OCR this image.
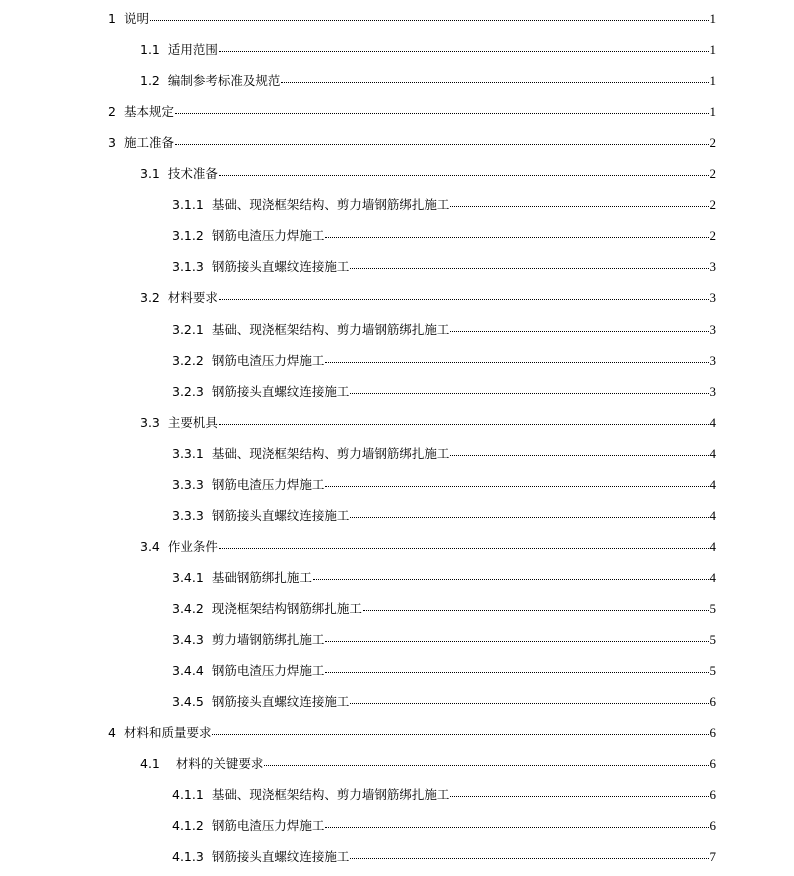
1 说明	1
1.1 适用范围	1
1.2 编制参考标准及规范	1
2 基本规定	1
3 施工准备	2
3.1 技术准备	2
3.1.1 基础、现浇框架结构、剪力墙钢筋绑扎施工	2
3.1.2 钢筋电渣压力焊施工	2
3.1.3 钢筋接头直螺纹连接施工	3
3.2 材料要求	3
3.2.1 基础、现浇框架结构、剪力墙钢筋绑扎施工	3
3.2.2 钢筋电渣压力焊施工	3
3.2.3 钢筋接头直螺纹连接施工	3
3.3 主要机具	4
3.3.1 基础、现浇框架结构、剪力墙钢筋绑扎施工	4
3.3.3 钢筋电渣压力焊施工	4
3.3.3 钢筋接头直螺纹连接施工	4
3.4 作业条件	4
3.4.1 基础钢筋绑扎施工	4
3.4.2 现浇框架结构钢筋绑扎施工	5
3.4.3 剪力墙钢筋绑扎施工	5
3.4.4 钢筋电渣压力焊施工	5
3.4.5 钢筋接头直螺纹连接施工	6
4 材料和质量要求	6
4.1 材料的关键要求	6
4.1.1 基础、现浇框架结构、剪力墙钢筋绑扎施工	6
4.1.2 钢筋电渣压力焊施工	6
4.1.3 钢筋接头直螺纹连接施工	7
